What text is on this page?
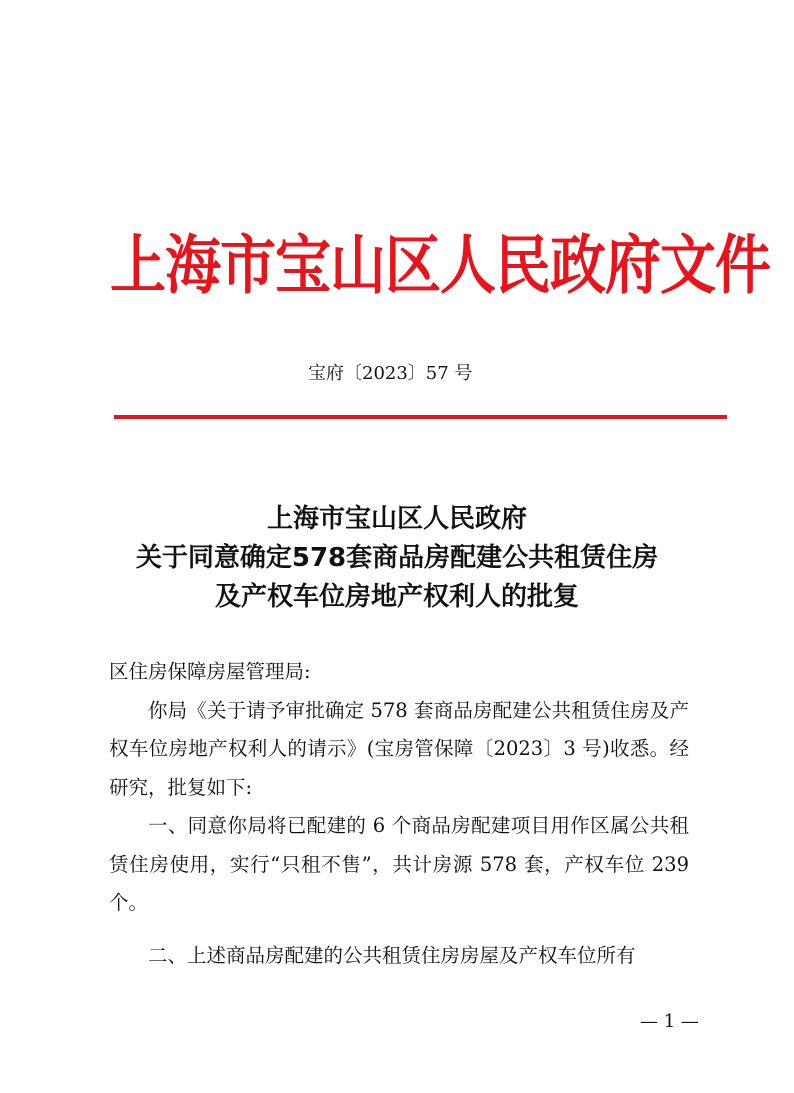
上海市宝山区人民政府文件
宝府〔2023〕57 号
上海市宝山区人民政府
关于同意确定578套商品房配建公共租赁住房
及产权车位房地产权利人的批复

区住房保障房屋管理局:

你局《关于请予审批确定 578 套商品房配建公共租赁住房及产权车位房地产权利人的请示》(宝房管保障〔2023〕3 号)收悉。经研究，批复如下:

一、同意你局将已配建的 6 个商品房配建项目用作区属公共租赁住房使用，实行“只租不售”，共计房源 578 套，产权车位 239 个。

二、上述商品房配建的公共租赁住房房屋及产权车位所有

— 1 —
